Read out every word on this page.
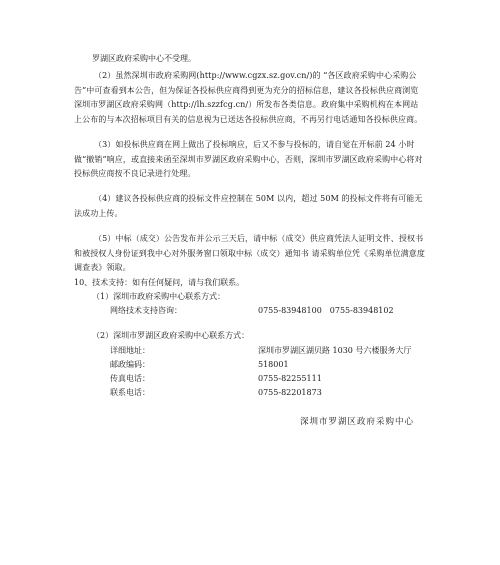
罗湖区政府采购中心不受理。
（2）虽然深圳市政府采购网(http://www.cgzx.sz.gov.cn/)的 “各区政府采购中心采购公告”中可查看到本公告，但为保证各投标供应商得到更为充分的招标信息，建议各投标供应商浏览深圳市罗湖区政府采购网（http://lh.szzfcg.cn/）所发布各类信息。政府集中采购机构在本网站上公布的与本次招标项目有关的信息视为已送达各投标供应商，不再另行电话通知各投标供应商。
（3）如投标供应商在网上做出了投标响应，后又不参与投标的，请自觉在开标前 24 小时做“撤销”响应，或直接来函至深圳市罗湖区政府采购中心，否则，深圳市罗湖区政府采购中心将对投标供应商按不良记录进行处理。
（4）建议各投标供应商的投标文件应控制在 50M 以内，超过 50M 的投标文件将有可能无法成功上传。
（5）中标（成交）公告发布并公示三天后，请中标（成交）供应商凭法人证明文件、授权书和被授权人身份证到我中心对外服务窗口领取中标（成交）通知书 请采购单位凭《采购单位满意度调查表》领取。
10、技术支持：如有任何疑问，请与我们联系。
（1）深圳市政府采购中心联系方式：
网络技术支持咨询：	0755-83948100　0755-83948102
（2）深圳市罗湖区政府采购中心联系方式：
详细地址：	深圳市罗湖区湖贝路 1030 号六楼服务大厅
邮政编码：	518001
传真电话：	0755-82255111
联系电话：	0755-82201873
深圳市罗湖区政府采购中心
